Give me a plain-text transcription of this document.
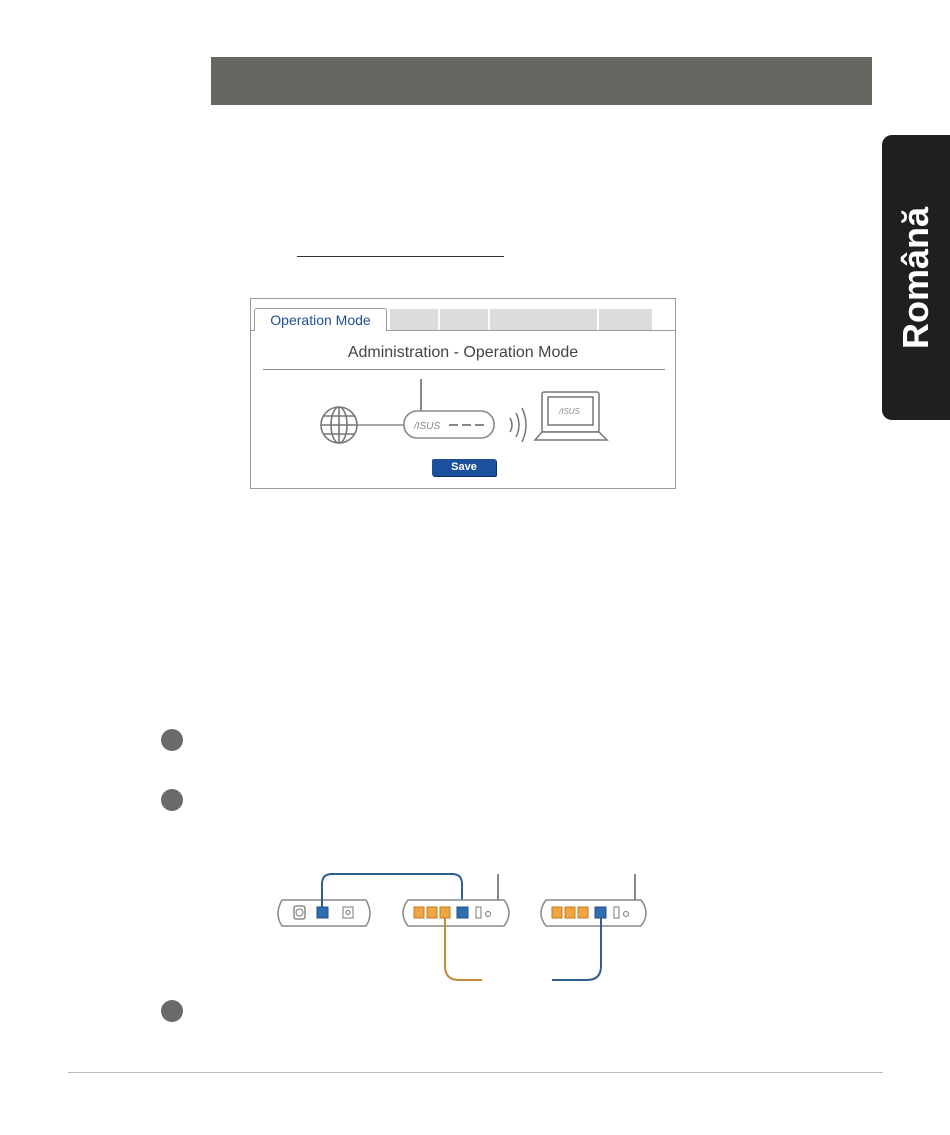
Română
Operation Mode
Administration - Operation Mode
/ISUS
/ISUS
Save
